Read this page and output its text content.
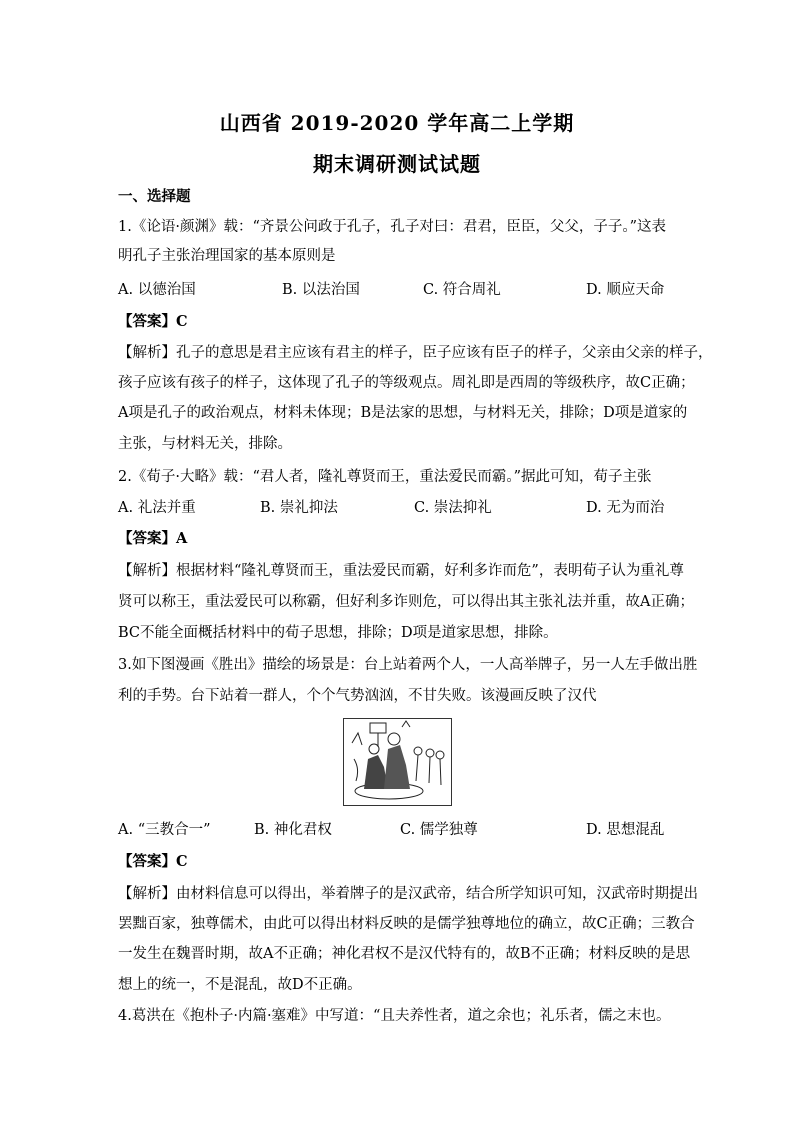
山西省 2019-2020 学年高二上学期
期末调研测试试题
一、选择题
1.《论语·颜渊》载：“齐景公问政于孔子，孔子对曰：君君，臣臣，父父，子子。”这表
明孔子主张治理国家的基本原则是
A. 以德治国	B. 以法治国	C. 符合周礼	D. 顺应天命
【答案】C
【解析】孔子的意思是君主应该有君主的样子，臣子应该有臣子的样子，父亲由父亲的样子，
孩子应该有孩子的样子，这体现了孔子的等级观点。周礼即是西周的等级秩序，故C正确；
A项是孔子的政治观点，材料未体现；B是法家的思想，与材料无关，排除；D项是道家的
主张，与材料无关，排除。
2.《荀子·大略》载：“君人者，隆礼尊贤而王，重法爱民而霸。”据此可知，荀子主张
A. 礼法并重	B. 崇礼抑法	C. 崇法抑礼	D. 无为而治
【答案】A
【解析】根据材料“隆礼尊贤而王，重法爱民而霸，好利多诈而危”，表明荀子认为重礼尊
贤可以称王，重法爱民可以称霸，但好利多诈则危，可以得出其主张礼法并重，故A正确；
BC不能全面概括材料中的荀子思想，排除；D项是道家思想，排除。
3.如下图漫画《胜出》描绘的场景是：台上站着两个人，一人高举牌子，另一人左手做出胜
利的手势。台下站着一群人，个个气势汹汹，不甘失败。该漫画反映了汉代
A. “三教合一”	B. 神化君权	C. 儒学独尊	D. 思想混乱
【答案】C
【解析】由材料信息可以得出，举着牌子的是汉武帝，结合所学知识可知，汉武帝时期提出
罢黜百家，独尊儒术，由此可以得出材料反映的是儒学独尊地位的确立，故C正确；三教合
一发生在魏晋时期，故A不正确；神化君权不是汉代特有的，故B不正确；材料反映的是思
想上的统一，不是混乱，故D不正确。
4.葛洪在《抱朴子·内篇·塞难》中写道：“且夫养性者，道之余也；礼乐者，儒之末也。
